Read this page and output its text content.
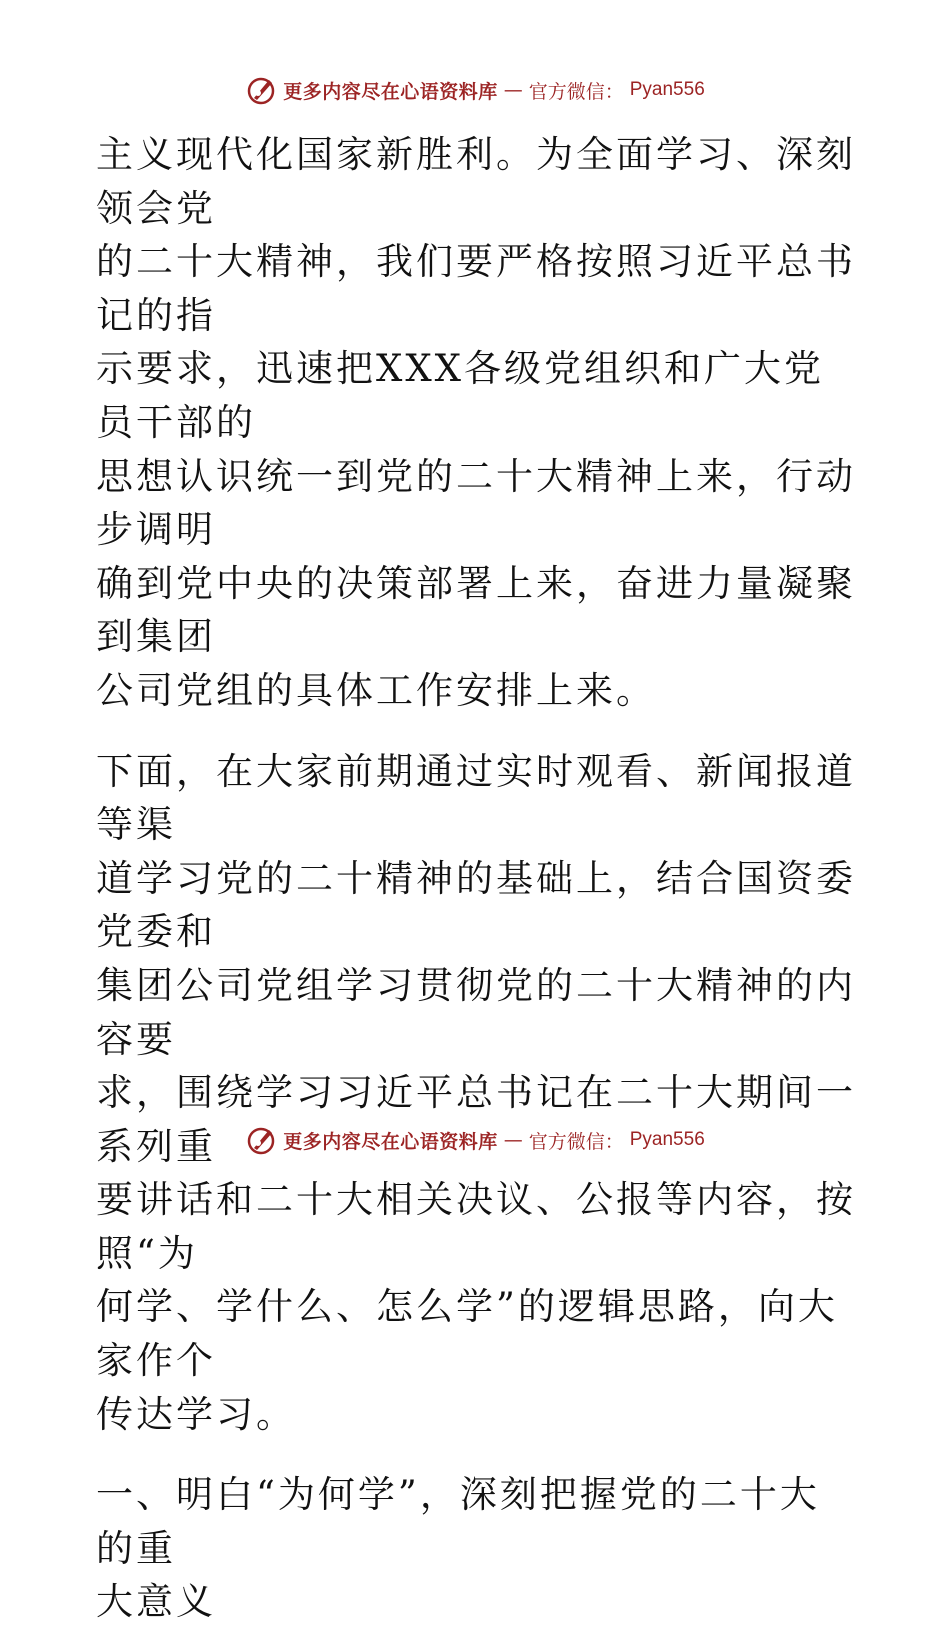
更多内容尽在心语资料库 — 官方微信： Pyan556

主义现代化国家新胜利。为全面学习、深刻领会党
的二十大精神，我们要严格按照习近平总书记的指
示要求，迅速把XXX各级党组织和广大党员干部的
思想认识统一到党的二十大精神上来，行动步调明
确到党中央的决策部署上来，奋进力量凝聚到集团
公司党组的具体工作安排上来。

下面，在大家前期通过实时观看、新闻报道等渠
道学习党的二十精神的基础上，结合国资委党委和
集团公司党组学习贯彻党的二十大精神的内容要
求，围绕学习习近平总书记在二十大期间一系列重
要讲话和二十大相关决议、公报等内容，按照“为
何学、学什么、怎么学”的逻辑思路，向大家作个
传达学习。

一、明白“为何学”，深刻把握党的二十大的重
大意义

更多内容尽在心语资料库 — 官方微信： Pyan556
